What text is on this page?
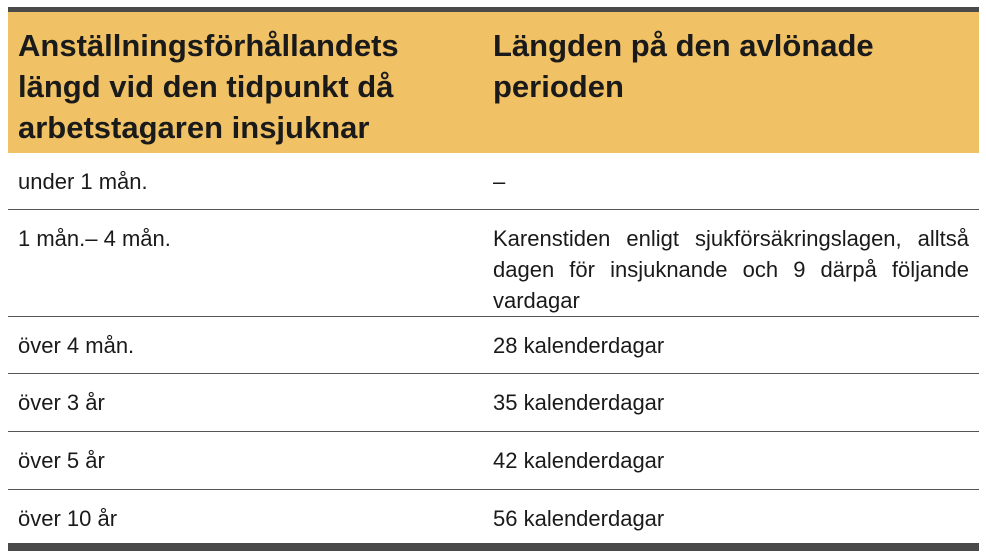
Anställningsförhållandets längd vid den tidpunkt då arbetstagaren insjuknar	Längden på den avlönade perioden
under 1 mån.	–
1 mån.– 4 mån.	Karenstiden enligt sjukförsäkringslagen, alltså dagen för insjuknande och 9 därpå följande vardagar
över 4 mån.	28 kalenderdagar
över 3 år	35 kalenderdagar
över 5 år	42 kalenderdagar
över 10 år	56 kalenderdagar
